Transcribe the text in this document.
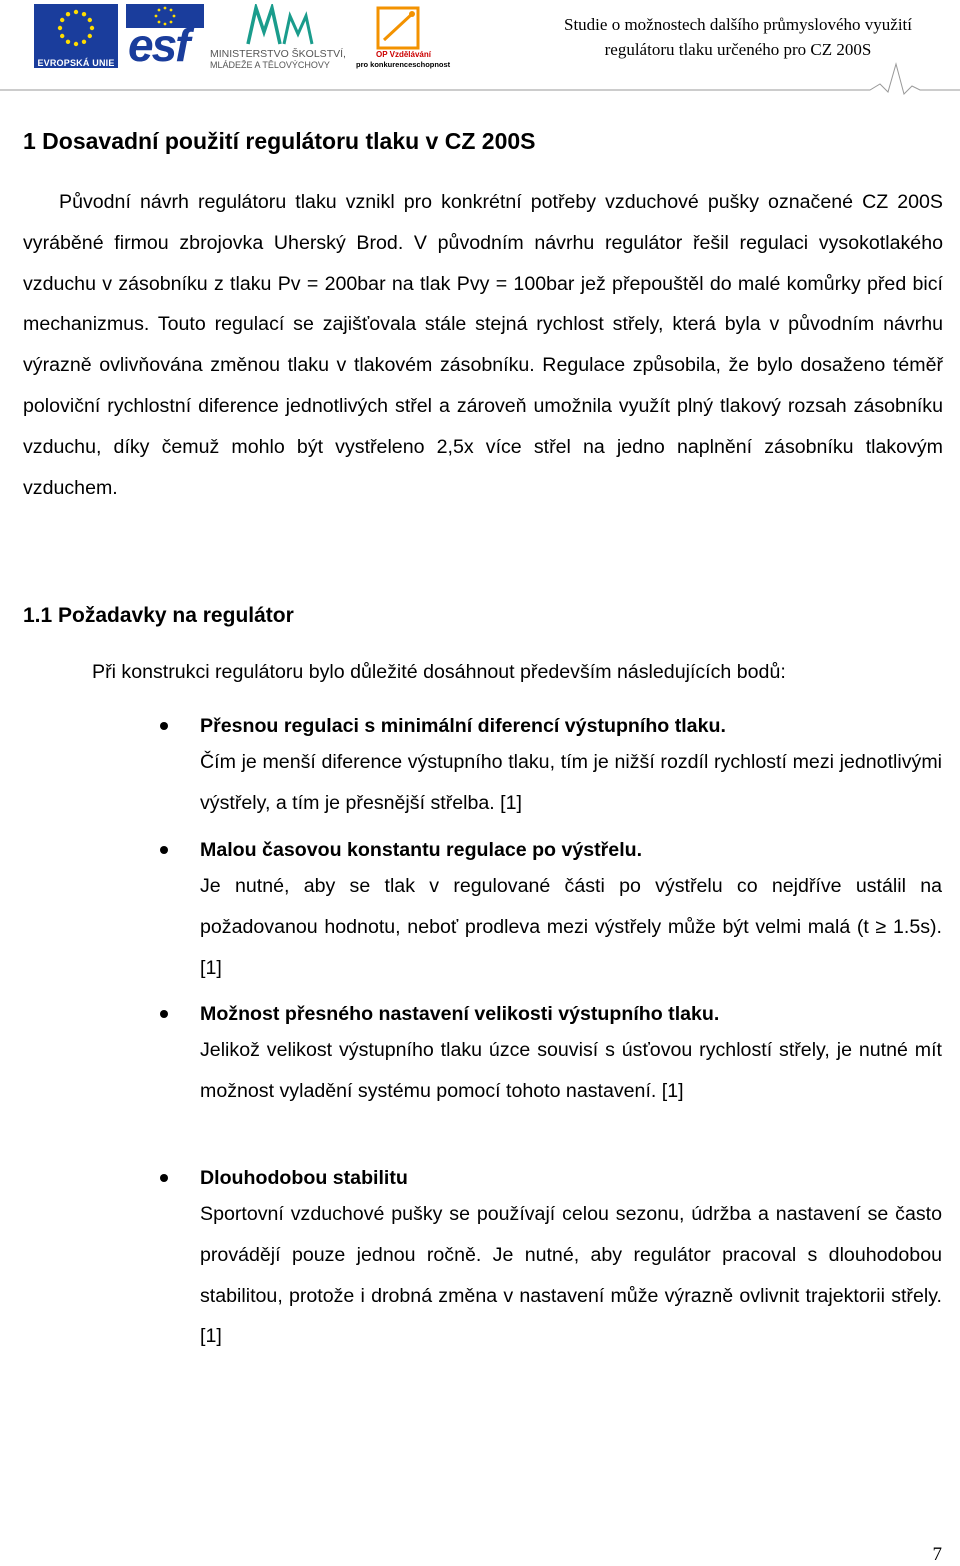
EVROPSKÁ UNIE esf MINISTERSTVO ŠKOLSTVÍ,
MLÁDEŽE A TĚLOVÝCHOVY
OP Vzdělávání
pro konkurenceschopnost
Studie o možnostech dalšího průmyslového využití
regulátoru tlaku určeného pro CZ 200S
1 Dosavadní použití regulátoru tlaku v CZ 200S
Původní návrh regulátoru tlaku vznikl pro konkrétní potřeby vzduchové pušky označené CZ 200S vyráběné firmou zbrojovka Uherský Brod. V původním návrhu regulátor řešil regulaci vysokotlakého vzduchu v zásobníku z tlaku Pv = 200bar na tlak Pvy = 100bar jež přepouštěl do malé komůrky před bicí mechanizmus. Touto regulací se zajišťovala stále stejná rychlost střely, která byla v původním návrhu výrazně ovlivňována změnou tlaku v tlakovém zásobníku. Regulace způsobila, že bylo dosaženo téměř poloviční rychlostní diference jednotlivých střel a zároveň umožnila využít plný tlakový rozsah zásobníku vzduchu, díky čemuž mohlo být vystřeleno 2,5x více střel na jedno naplnění zásobníku tlakovým vzduchem.
1.1 Požadavky na regulátor
Při konstrukci regulátoru bylo důležité dosáhnout především následujících bodů:
Přesnou regulaci s minimální diferencí výstupního tlaku.
Čím je menší diference výstupního tlaku, tím je nižší rozdíl rychlostí mezi jednotlivými výstřely, a tím je přesnější střelba. [1]
Malou časovou konstantu regulace po výstřelu.
Je nutné, aby se tlak v regulované části po výstřelu co nejdříve ustálil na požadovanou hodnotu, neboť prodleva mezi výstřely může být velmi malá (t ≥ 1.5s). [1]
Možnost přesného nastavení velikosti výstupního tlaku.
Jelikož velikost výstupního tlaku úzce souvisí s úsťovou rychlostí střely, je nutné mít možnost vyladění systému pomocí tohoto nastavení. [1]
Dlouhodobou stabilitu
Sportovní vzduchové pušky se používají celou sezonu, údržba a nastavení se často provádějí pouze jednou ročně. Je nutné, aby regulátor pracoval s dlouhodobou stabilitou, protože i drobná změna v nastavení může výrazně ovlivnit trajektorii střely. [1]
7
